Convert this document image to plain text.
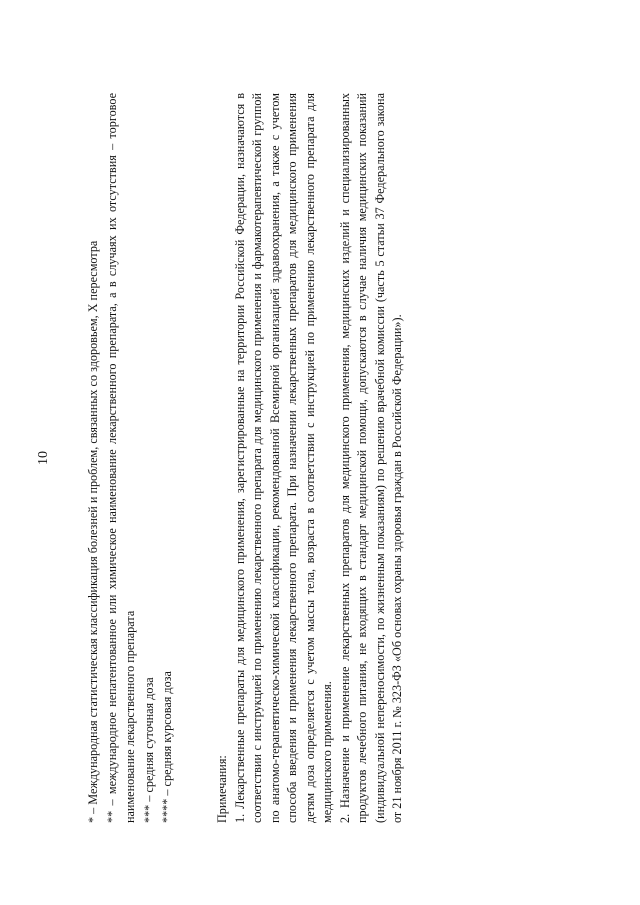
10	* – Международная статистическая классификация болезней и проблем, связанных со здоровьем, X пересмотра ** – международное непатентованное или химическое наименование лекарственного препарата, а в случаях их отсутствия – торговое наименование лекарственного препарата *** – средняя суточная доза **** – средняя курсовая доза	Примечания: 1. Лекарственные препараты для медицинского применения, зарегистрированные на территории Российской Федерации, назначаются в соответствии с инструкцией по применению лекарственного препарата для медицинского применения и фармакотерапевтической группой по анатомо-терапевтическо-химической классификации, рекомендованной Всемирной организацией здравоохранения, а также с учетом способа введения и применения лекарственного препарата. При назначении лекарственных препаратов для медицинского применения детям доза определяется с учетом массы тела, возраста в соответствии с инструкцией по применению лекарственного препарата для медицинского применения. 2. Назначение и применение лекарственных препаратов для медицинского применения, медицинских изделий и специализированных продуктов лечебного питания, не входящих в стандарт медицинской помощи, допускаются в случае наличия медицинских показаний (индивидуальной непереносимости, по жизненным показаниям) по решению врачебной комиссии (часть 5 статьи 37 Федерального закона от 21 ноября 2011 г. № 323-ФЗ «Об основах охраны здоровья граждан в Российской Федерации»).
